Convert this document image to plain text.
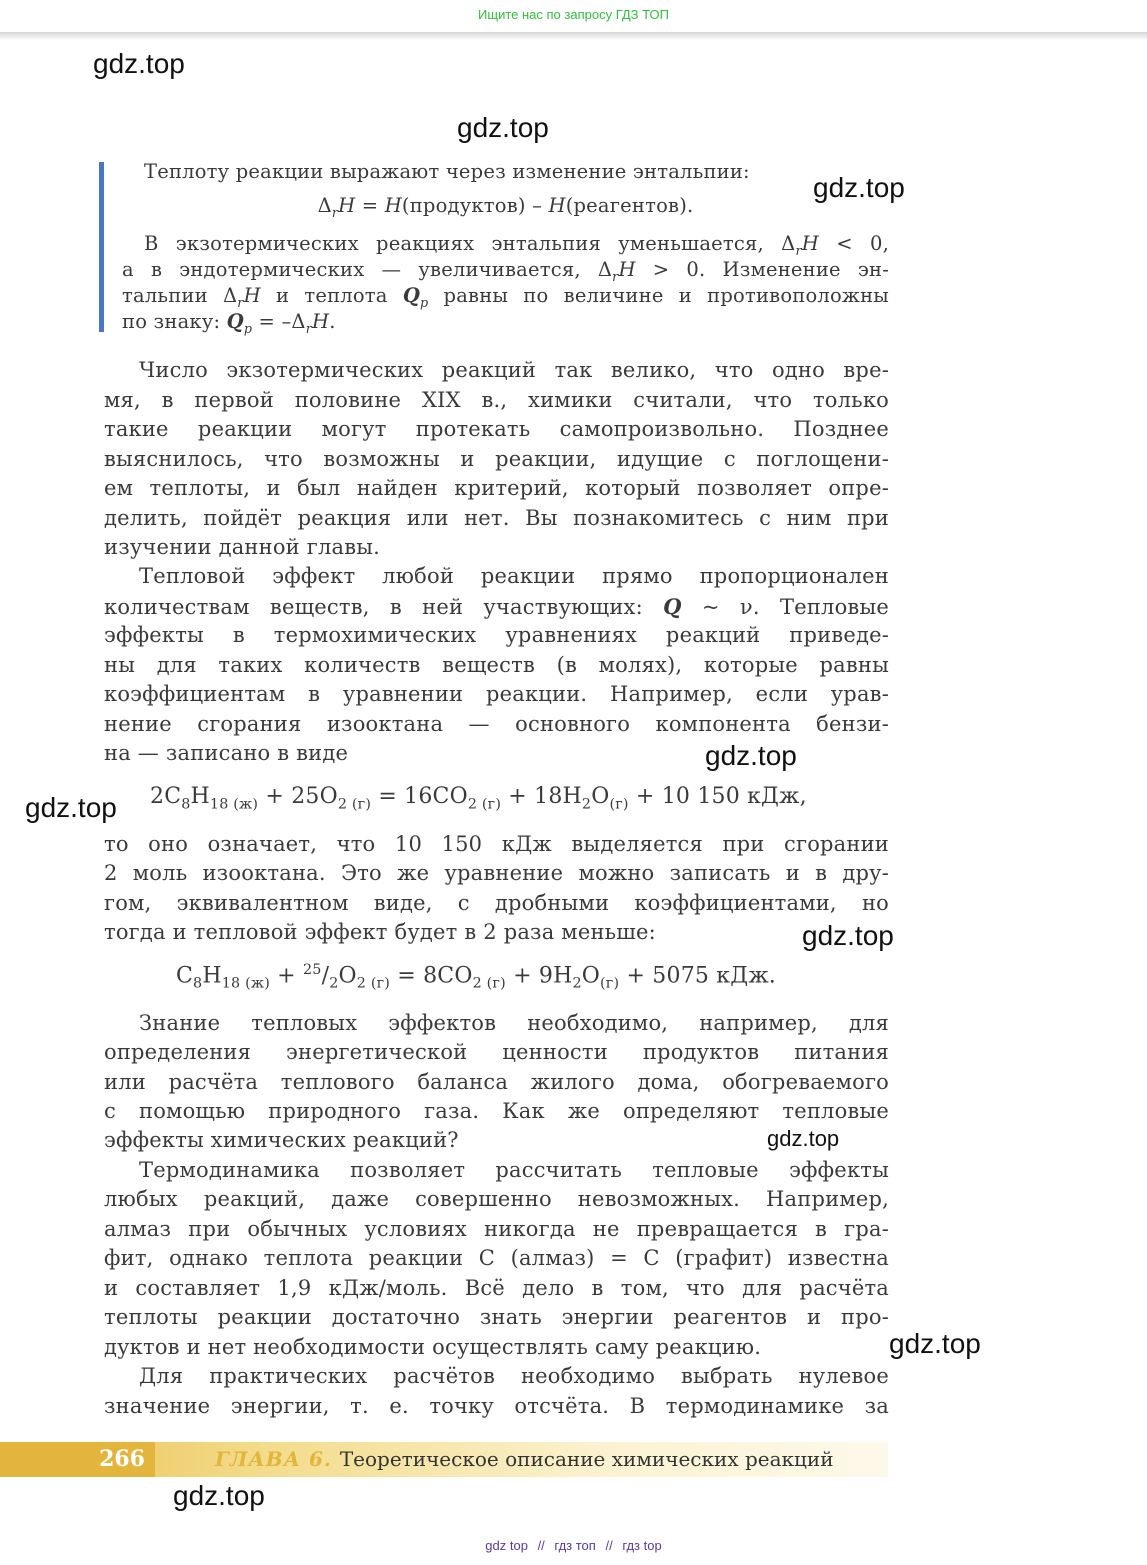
Ищите нас по запросу ГДЗ ТОП
Теплоту реакции выражают через изменение энтальпии:
$\Delta_rH$ = H(продуктов) – H(реагентов).
В экзотермических реакциях энтальпия уменьшается, $\Delta_rH < 0$,
а в эндотермических — увеличивается, $\Delta_rH > 0$. Изменение эн-
тальпии $\Delta_rH$ и теплота $Q_p$ равны по величине и противоположны
по знаку: $Q_p = -\Delta_rH$.
Число экзотермических реакций так велико, что одно вре-
мя, в первой половине XIX в., химики считали, что только
такие реакции могут протекать самопроизвольно. Позднее
выяснилось, что возможны и реакции, идущие с поглощени-
ем теплоты, и был найден критерий, который позволяет опре-
делить, пойдёт реакция или нет. Вы познакомитесь с ним при
изучении данной главы.
Тепловой эффект любой реакции прямо пропорционален
количествам веществ, в ней участвующих: Q ~ ν. Тепловые
эффекты в термохимических уравнениях реакций приведе-
ны для таких количеств веществ (в молях), которые равны
коэффициентам в уравнении реакции. Например, если урав-
нение сгорания изооктана — основного компонента бензи-
на — записано в виде
$2C_8H_{18 (ж)} + 25O_{2 (г)} = 16CO_{2 (г)} + 18H_2O_{(г)} + 10$ 150 кДж,
то оно означает, что 10 150 кДж выделяется при сгорании
2 моль изооктана. Это же уравнение можно записать и в дру-
гом, эквивалентном виде, с дробными коэффициентами, но
тогда и тепловой эффект будет в 2 раза меньше:
$C_8H_{18 (ж)} + ^{25}/_2O_{2 (г)} = 8CO_{2 (г)} + 9H_2O_{(г)} + 5075$ кДж.
Знание тепловых эффектов необходимо, например, для
определения энергетической ценности продуктов питания
или расчёта теплового баланса жилого дома, обогреваемого
с помощью природного газа. Как же определяют тепловые
эффекты химических реакций?
Термодинамика позволяет рассчитать тепловые эффекты
любых реакций, даже совершенно невозможных. Например,
алмаз при обычных условиях никогда не превращается в гра-
фит, однако теплота реакции С (алмаз) = С (графит) известна
и составляет 1,9 кДж/моль. Всё дело в том, что для расчёта
теплоты реакции достаточно знать энергии реагентов и про-
дуктов и нет необходимости осуществлять саму реакцию.
Для практических расчётов необходимо выбрать нулевое
значение энергии, т. е. точку отсчёта. В термодинамике за
266	ГЛАВА 6. Теоретическое описание химических реакций
gdz.top
gdz.top
gdz.top
gdz.top
gdz.top
gdz.top
gdz.top
gdz.top
gdz.top
gdz top // гдз топ // гдз top
